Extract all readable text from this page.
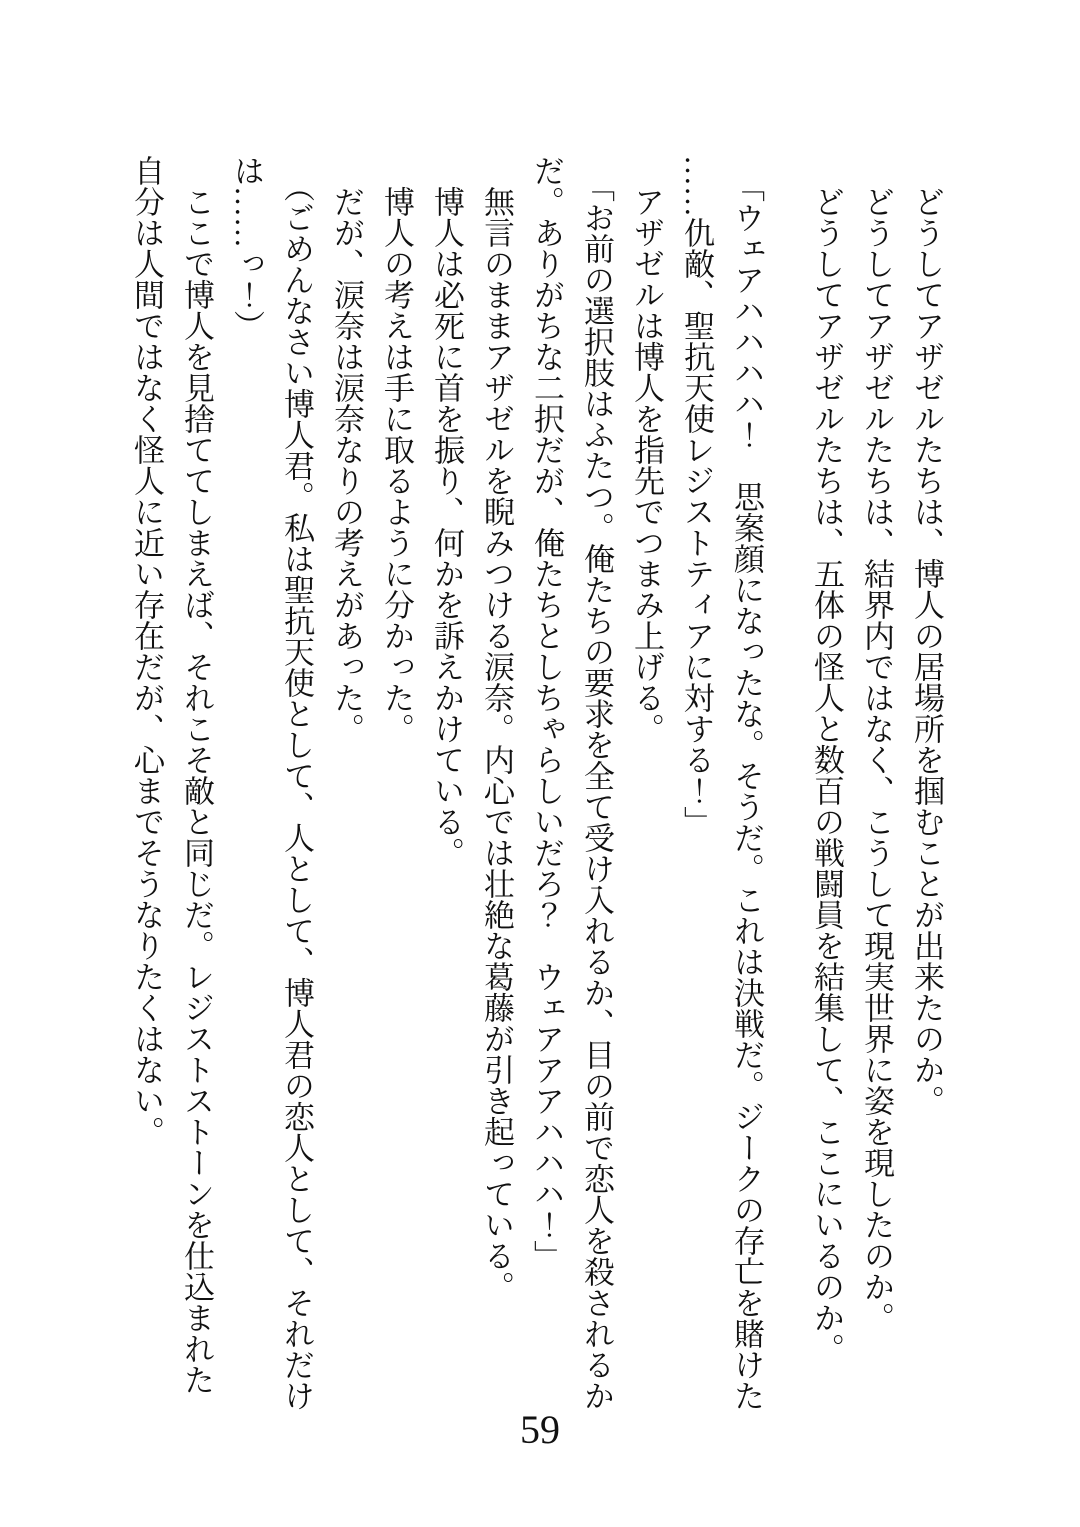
どうしてアザゼルたちは、博人の居場所を掴むことが出来たのか。

どうしてアザゼルたちは、結界内ではなく、こうして現実世界に姿を現したのか。

どうしてアザゼルたちは、五体の怪人と数百の戦闘員を結集して、ここにいるのか。

「ウェアハハハハ！　思案顔になったな。そうだ。これは決戦だ。ジークの存亡を賭けた
……仇敵、聖抗天使レジストティアに対する！」

アザゼルは博人を指先でつまみ上げる。

「お前の選択肢はふたつ。俺たちの要求を全て受け入れるか、目の前で恋人を殺されるか
だ。ありがちな二択だが、俺たちとしちゃらしいだろ？　ウェアアアハハハ！」

無言のままアザゼルを睨みつける涙奈。内心では壮絶な葛藤が引き起っている。

博人は必死に首を振り、何かを訴えかけている。

博人の考えは手に取るように分かった。

だが、涙奈は涙奈なりの考えがあった。

（ごめんなさい博人君。私は聖抗天使として、人として、博人君の恋人として、それだけ
は……っ！）

ここで博人を見捨ててしまえば、それこそ敵と同じだ。レジストストーンを仕込まれた
自分は人間ではなく怪人に近い存在だが、心までそうなりたくはない。

59
